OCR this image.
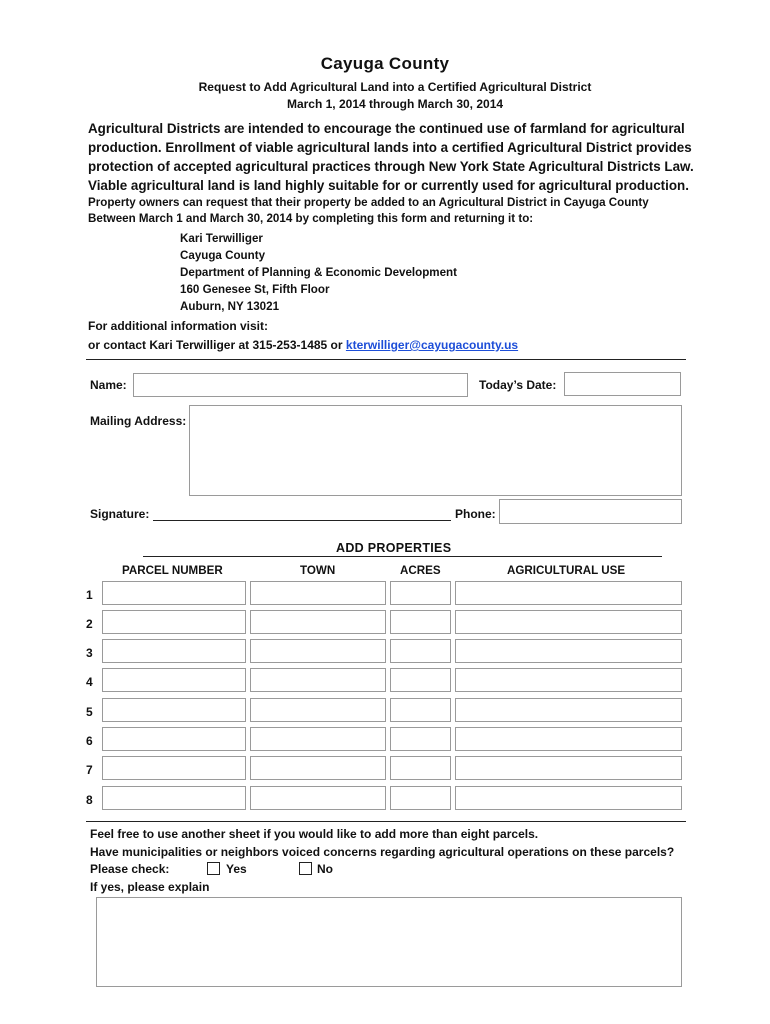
Cayuga County
Request to Add Agricultural Land into a Certified Agricultural District
March 1, 2014 through March 30, 2014
Agricultural Districts are intended to encourage the continued use of farmland for agricultural
production. Enrollment of viable agricultural lands into a certified Agricultural District provides
protection of accepted agricultural practices through New York State Agricultural Districts Law.
Viable agricultural land is land highly suitable for or currently used for agricultural production.
Property owners can request that their property be added to an Agricultural District in Cayuga County
Between March 1 and March 30, 2014 by completing this form and returning it to:
Kari Terwilliger
Cayuga County
Department of Planning & Economic Development
160 Genesee St, Fifth Floor
Auburn, NY 13021
For additional information visit:
or contact Kari Terwilliger at 315-253-1485 or kterwilliger@cayugacounty.us
Name:	Today’s Date:
Mailing Address:
Signature:	Phone:
ADD PROPERTIES
PARCEL NUMBER	TOWN	ACRES	AGRICULTURAL USE
1
2
3
4
5
6
7
8
Feel free to use another sheet if you would like to add more than eight parcels.
Have municipalities or neighbors voiced concerns regarding agricultural operations on these parcels?
Please check:	Yes	No
If yes, please explain
